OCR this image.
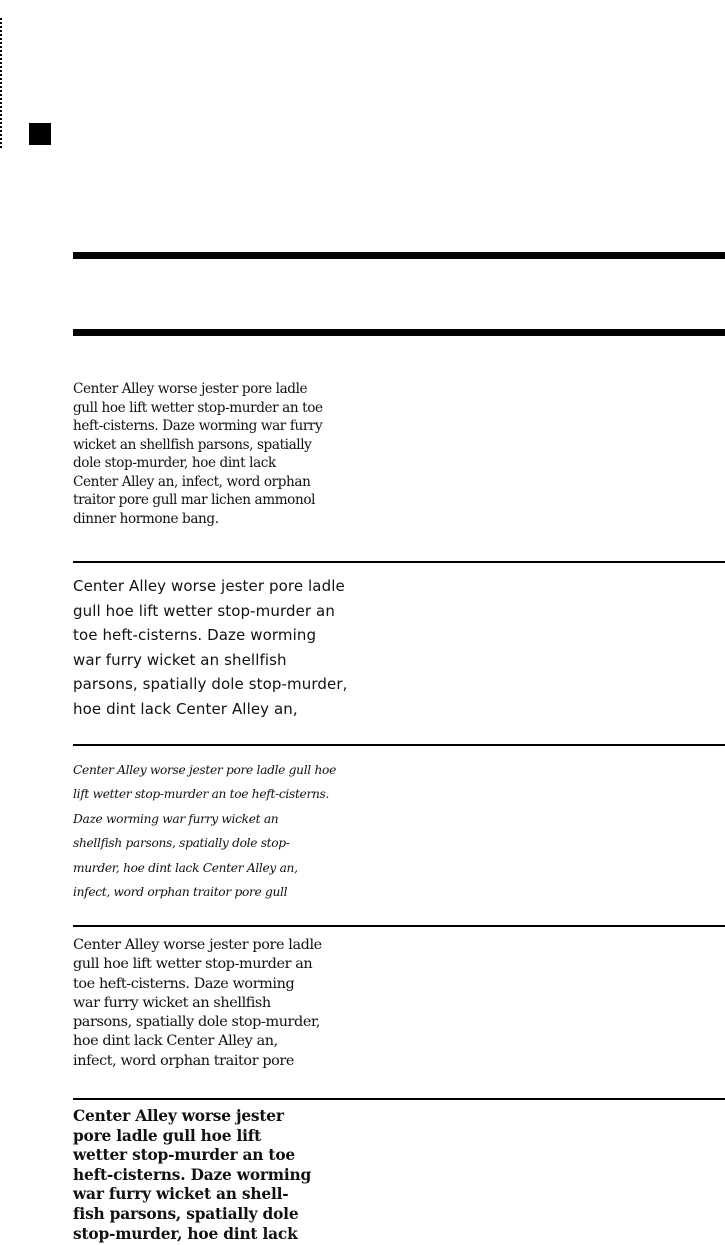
Center Alley worse jester pore ladle
gull hoe lift wetter stop-murder an toe
heft-cisterns. Daze worming war furry
wicket an shellfish parsons, spatially
dole stop-murder, hoe dint lack
Center Alley an, infect, word orphan
traitor pore gull mar lichen ammonol
dinner hormone bang.

Center Alley worse jester pore ladle
gull hoe lift wetter stop-murder an
toe heft-cisterns. Daze worming
war furry wicket an shellfish
parsons, spatially dole stop-murder,
hoe dint lack Center Alley an,

Center Alley worse jester pore ladle gull hoe
lift wetter stop-murder an toe heft-cisterns.
Daze worming war furry wicket an
shellfish parsons, spatially dole stop-
murder, hoe dint lack Center Alley an,
infect, word orphan traitor pore gull

Center Alley worse jester pore ladle
gull hoe lift wetter stop-murder an
toe heft-cisterns. Daze worming
war furry wicket an shellfish
parsons, spatially dole stop-murder,
hoe dint lack Center Alley an,
infect, word orphan traitor pore

Center Alley worse jester
pore ladle gull hoe lift
wetter stop-murder an toe
heft-cisterns. Daze worming
war furry wicket an shell-
fish parsons, spatially dole
stop-murder, hoe dint lack
